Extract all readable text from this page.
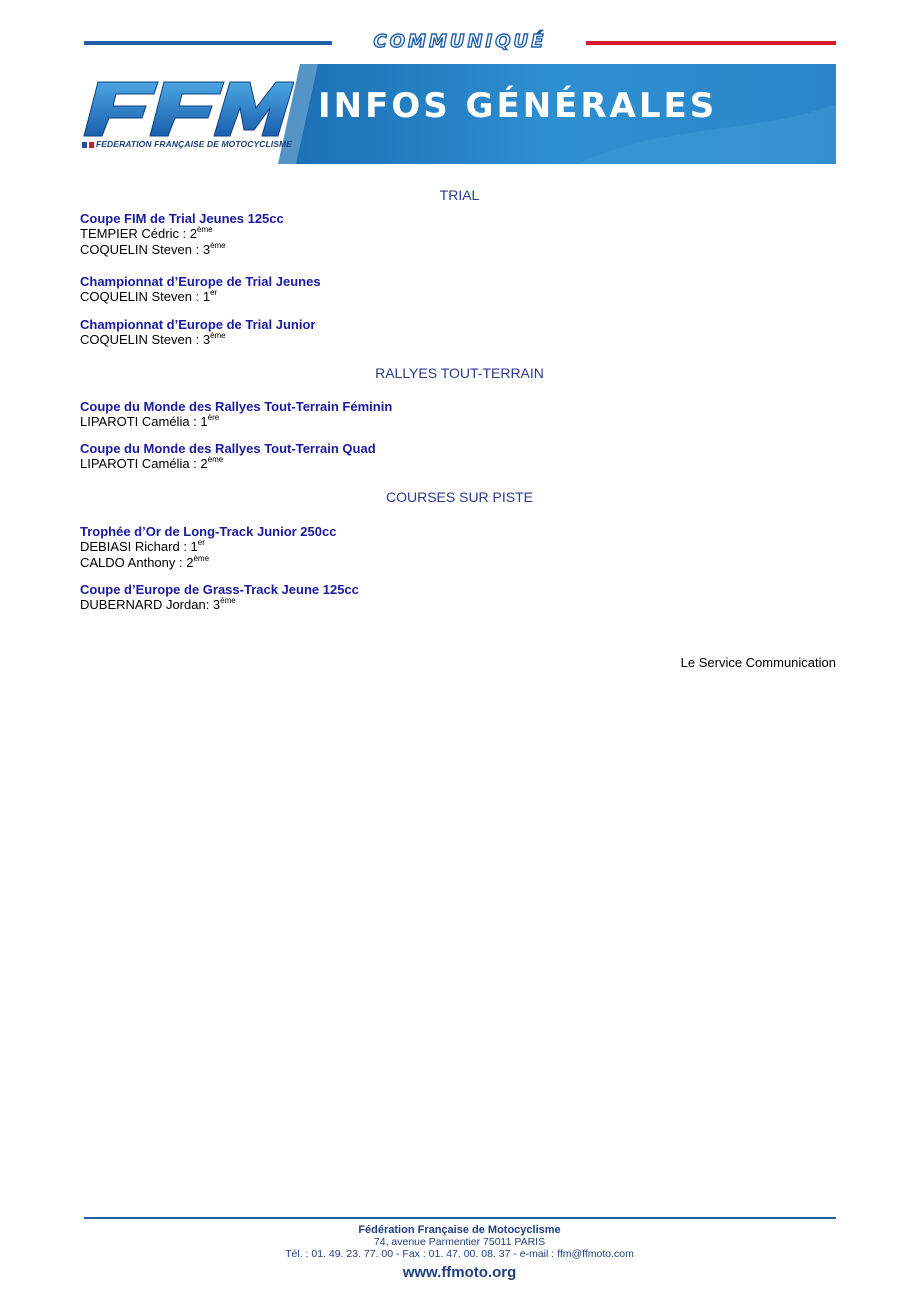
COMMUNIQUÉ
INFOS GÉNÉRALES
FEDERATION FRANÇAISE DE MOTOCYCLISME
TRIAL
Coupe FIM de Trial Jeunes 125cc
TEMPIER Cédric : 2ème
COQUELIN Steven : 3ème
Championnat d’Europe de Trial Jeunes
COQUELIN Steven : 1er
Championnat d’Europe de Trial Junior
COQUELIN Steven : 3ème
RALLYES TOUT-TERRAIN
Coupe du Monde des Rallyes Tout-Terrain Féminin
LIPAROTI Camélia : 1ère
Coupe du Monde des Rallyes Tout-Terrain Quad
LIPAROTI Camélia : 2ème
COURSES SUR PISTE
Trophée d’Or de Long-Track Junior 250cc
DEBIASI Richard : 1er
CALDO Anthony : 2ème
Coupe d’Europe de Grass-Track Jeune 125cc
DUBERNARD Jordan: 3ème
Le Service Communication
Fédération Française de Motocyclisme
74, avenue Parmentier 75011 PARIS
Tél. : 01. 49. 23. 77. 00 - Fax : 01. 47. 00. 08. 37 - e-mail : ffm@ffmoto.com
www.ffmoto.org
